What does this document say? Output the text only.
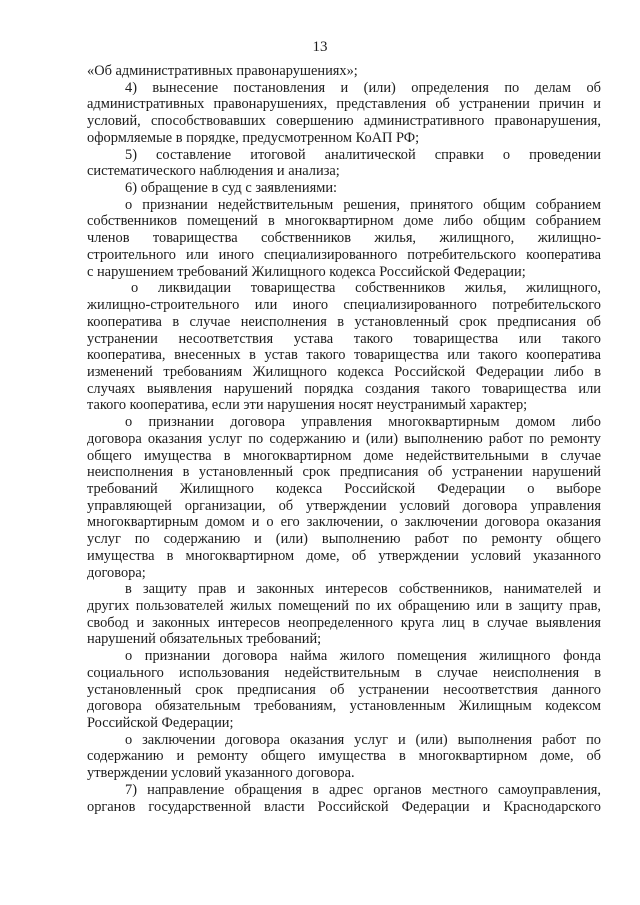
13
«Об административных правонарушениях»;
4) вынесение постановления и (или) определения по делам об
административных правонарушениях, представления об устранении причин и
условий, способствовавших совершению административного правонарушения,
оформляемые в порядке, предусмотренном КоАП РФ;
5) составление итоговой аналитической справки о проведении
систематического наблюдения и анализа;
6) обращение в суд с заявлениями:
о признании недействительным решения, принятого общим собранием
собственников помещений в многоквартирном доме либо общим собранием
членов товарищества собственников жилья, жилищного, жилищно-
строительного или иного специализированного потребительского кооператива
с нарушением требований Жилищного кодекса Российской Федерации;
о ликвидации товарищества собственников жилья, жилищного,
жилищно-строительного или иного специализированного потребительского
кооператива в случае неисполнения в установленный срок предписания об
устранении несоответствия устава такого товарищества или такого
кооператива, внесенных в устав такого товарищества или такого кооператива
изменений требованиям Жилищного кодекса Российской Федерации либо в
случаях выявления нарушений порядка создания такого товарищества или
такого кооператива, если эти нарушения носят неустранимый характер;
о признании договора управления многоквартирным домом либо
договора оказания услуг по содержанию и (или) выполнению работ по ремонту
общего имущества в многоквартирном доме недействительными в случае
неисполнения в установленный срок предписания об устранении нарушений
требований Жилищного кодекса Российской Федерации о выборе
управляющей организации, об утверждении условий договора управления
многоквартирным домом и о его заключении, о заключении договора оказания
услуг по содержанию и (или) выполнению работ по ремонту общего
имущества в многоквартирном доме, об утверждении условий указанного
договора;
в защиту прав и законных интересов собственников, нанимателей и
других пользователей жилых помещений по их обращению или в защиту прав,
свобод и законных интересов неопределенного круга лиц в случае выявления
нарушений обязательных требований;
о признании договора найма жилого помещения жилищного фонда
социального использования недействительным в случае неисполнения в
установленный срок предписания об устранении несоответствия данного
договора обязательным требованиям, установленным Жилищным кодексом
Российской Федерации;
о заключении договора оказания услуг и (или) выполнения работ по
содержанию и ремонту общего имущества в многоквартирном доме, об
утверждении условий указанного договора.
7) направление обращения в адрес органов местного самоуправления,
органов государственной власти Российской Федерации и Краснодарского
